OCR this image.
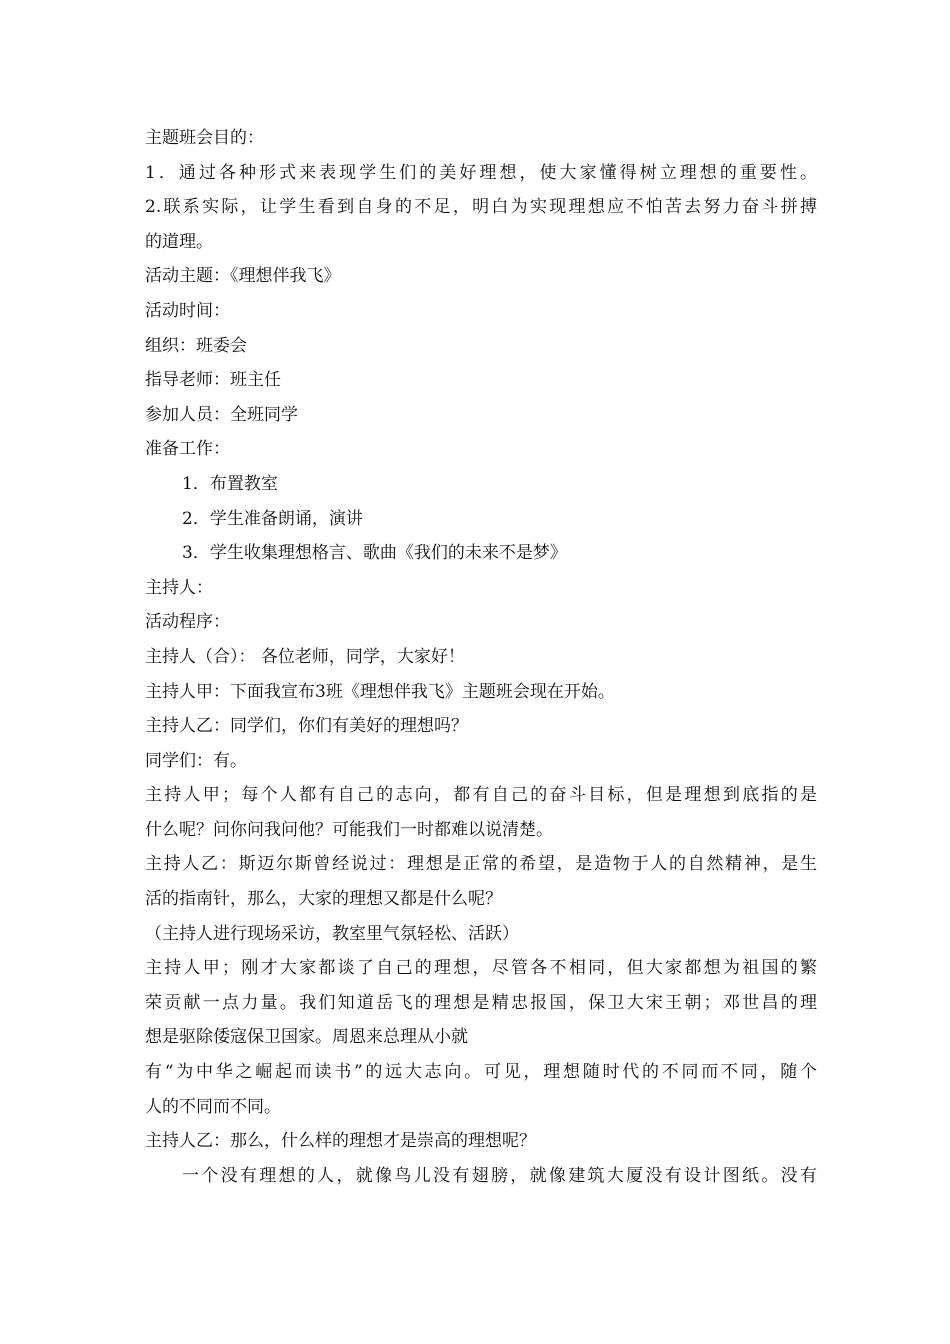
主题班会目的：
1．通过各种形式来表现学生们的美好理想，使大家懂得树立理想的重要性。
2.联系实际，让学生看到自身的不足，明白为实现理想应不怕苦去努力奋斗拼搏
的道理。
活动主题：《理想伴我飞》
活动时间：
组织：班委会
指导老师：班主任
参加人员：全班同学
准备工作：
1．布置教室
2．学生准备朗诵，演讲
3．学生收集理想格言、歌曲《我们的未来不是梦》
主持人：
活动程序：
主持人（合）： 各位老师，同学，大家好！
主持人甲：下面我宣布3班《理想伴我飞》主题班会现在开始。
主持人乙：同学们，你们有美好的理想吗？
同学们：有。
主持人甲；每个人都有自己的志向，都有自己的奋斗目标，但是理想到底指的是
什么呢？问你问我问他？可能我们一时都难以说清楚。
主持人乙：斯迈尔斯曾经说过：理想是正常的希望，是造物于人的自然精神，是生
活的指南针，那么，大家的理想又都是什么呢？
（主持人进行现场采访，教室里气氛轻松、活跃）
主持人甲；刚才大家都谈了自己的理想，尽管各不相同，但大家都想为祖国的繁
荣贡献一点力量。我们知道岳飞的理想是精忠报国，保卫大宋王朝；邓世昌的理
想是驱除倭寇保卫国家。周恩来总理从小就
有“为中华之崛起而读书”的远大志向。可见，理想随时代的不同而不同，随个
人的不同而不同。
主持人乙：那么，什么样的理想才是崇高的理想呢？
一个没有理想的人，就像鸟儿没有翅膀，就像建筑大厦没有设计图纸。没有
